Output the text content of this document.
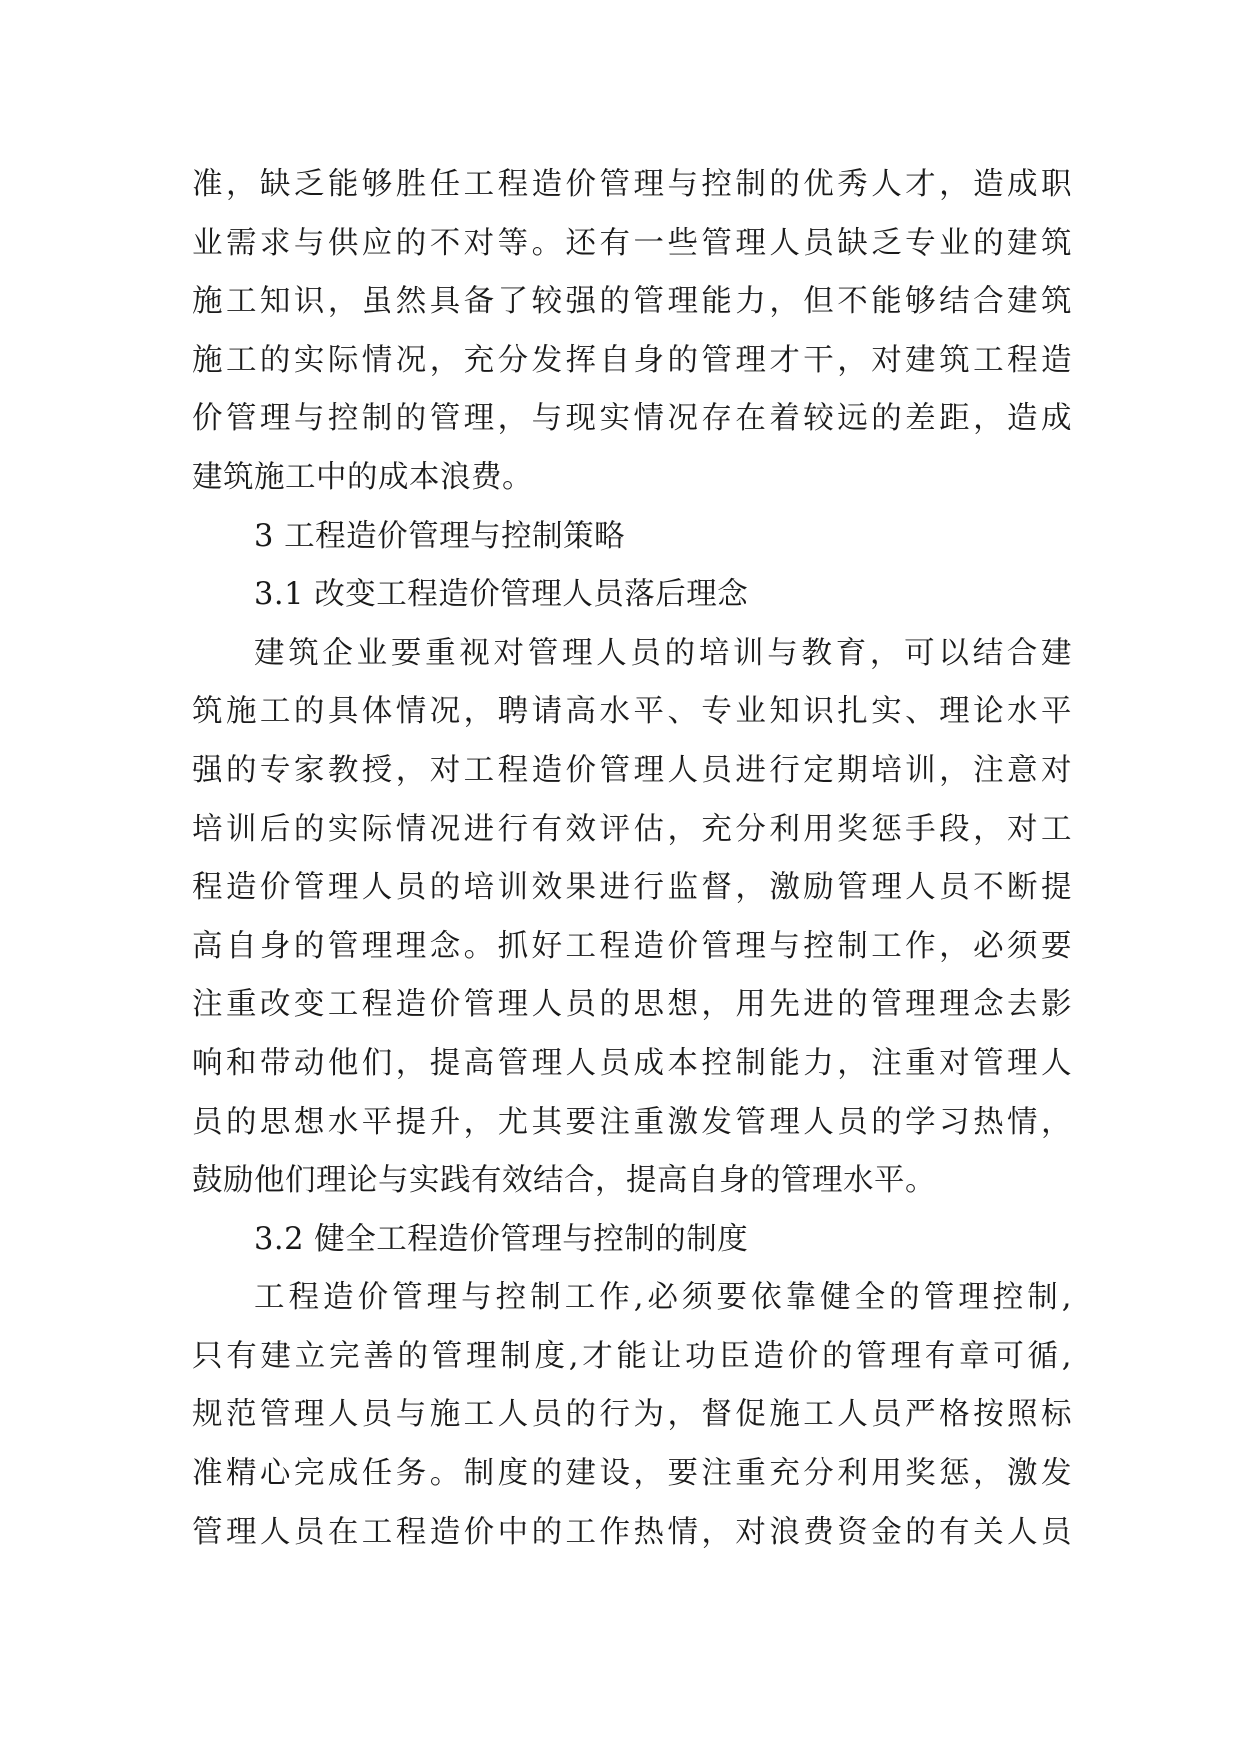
准，缺乏能够胜任工程造价管理与控制的优秀人才，造成职
业需求与供应的不对等。还有一些管理人员缺乏专业的建筑
施工知识，虽然具备了较强的管理能力，但不能够结合建筑
施工的实际情况，充分发挥自身的管理才干，对建筑工程造
价管理与控制的管理，与现实情况存在着较远的差距，造成
建筑施工中的成本浪费。
3 工程造价管理与控制策略
3.1 改变工程造价管理人员落后理念
建筑企业要重视对管理人员的培训与教育，可以结合建
筑施工的具体情况，聘请高水平、专业知识扎实、理论水平
强的专家教授，对工程造价管理人员进行定期培训，注意对
培训后的实际情况进行有效评估，充分利用奖惩手段，对工
程造价管理人员的培训效果进行监督，激励管理人员不断提
高自身的管理理念。抓好工程造价管理与控制工作，必须要
注重改变工程造价管理人员的思想，用先进的管理理念去影
响和带动他们，提高管理人员成本控制能力，注重对管理人
员的思想水平提升，尤其要注重激发管理人员的学习热情，
鼓励他们理论与实践有效结合，提高自身的管理水平。
3.2 健全工程造价管理与控制的制度
工程造价管理与控制工作,必须要依靠健全的管理控制,
只有建立完善的管理制度,才能让功臣造价的管理有章可循,
规范管理人员与施工人员的行为，督促施工人员严格按照标
准精心完成任务。制度的建设，要注重充分利用奖惩，激发
管理人员在工程造价中的工作热情，对浪费资金的有关人员
